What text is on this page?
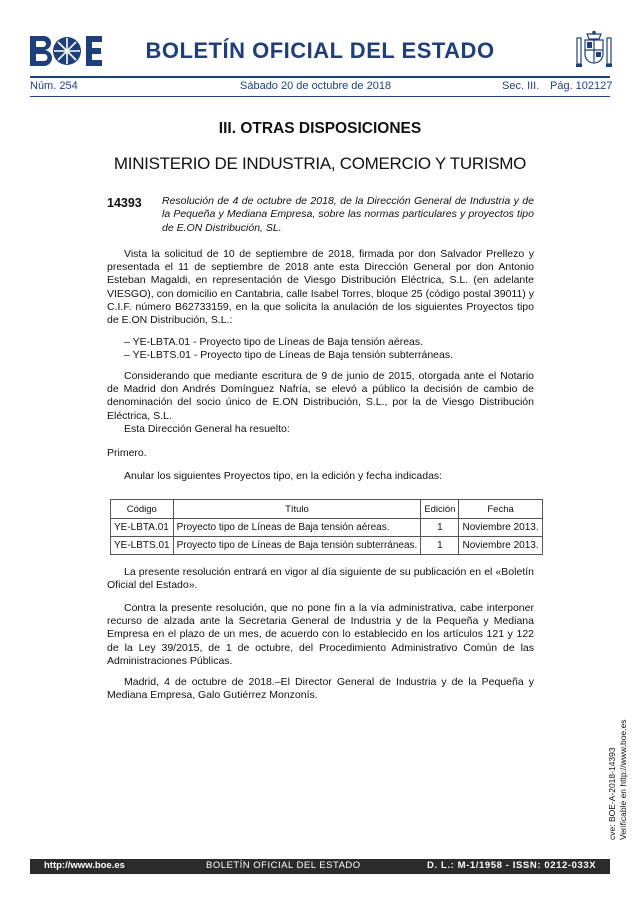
BOLETÍN OFICIAL DEL ESTADO
Núm. 254	Sábado 20 de octubre de 2018	Sec. III. Pág. 102127
III. OTRAS DISPOSICIONES
MINISTERIO DE INDUSTRIA, COMERCIO Y TURISMO
14393 Resolución de 4 de octubre de 2018, de la Dirección General de Industria y de la Pequeña y Mediana Empresa, sobre las normas particulares y proyectos tipo de E.ON Distribución, SL.
Vista la solicitud de 10 de septiembre de 2018, firmada por don Salvador Prellezo y presentada el 11 de septiembre de 2018 ante esta Dirección General por don Antonio Esteban Magaldi, en representación de Viesgo Distribución Eléctrica, S.L. (en adelante VIESGO), con domicilio en Cantabria, calle Isabel Torres, bloque 25 (código postal 39011) y C.I.F. número B62733159, en la que solicita la anulación de los siguientes Proyectos tipo de E.ON Distribución, S.L.:
– YE-LBTA.01 - Proyecto tipo de Líneas de Baja tensión aéreas.
– YE-LBTS.01 - Proyecto tipo de Líneas de Baja tensión subterráneas.
Considerando que mediante escritura de 9 de junio de 2015, otorgada ante el Notario de Madrid don Andrés Domínguez Nafría, se elevó a público la decisión de cambio de denominación del socio único de E.ON Distribución, S.L., por la de Viesgo Distribución Eléctrica, S.L.
Esta Dirección General ha resuelto:
Primero.
Anular los siguientes Proyectos tipo, en la edición y fecha indicadas:
Código	Título	Edición	Fecha
YE-LBTA.01	Proyecto tipo de Líneas de Baja tensión aéreas.	1	Noviembre 2013.
YE-LBTS.01	Proyecto tipo de Líneas de Baja tensión subterráneas.	1	Noviembre 2013.
La presente resolución entrará en vigor al día siguiente de su publicación en el «Boletín Oficial del Estado».
Contra la presente resolución, que no pone fin a la vía administrativa, cabe interponer recurso de alzada ante la Secretaria General de Industria y de la Pequeña y Mediana Empresa en el plazo de un mes, de acuerdo con lo establecido en los artículos 121 y 122 de la Ley 39/2015, de 1 de octubre, del Procedimiento Administrativo Común de las Administraciones Públicas.
Madrid, 4 de octubre de 2018.–El Director General de Industria y de la Pequeña y Mediana Empresa, Galo Gutiérrez Monzonís.
cve: BOE-A-2018-14393 Verificable en http://www.boe.es
http://www.boe.es	BOLETÍN OFICIAL DEL ESTADO	D. L.: M-1/1958 - ISSN: 0212-033X
